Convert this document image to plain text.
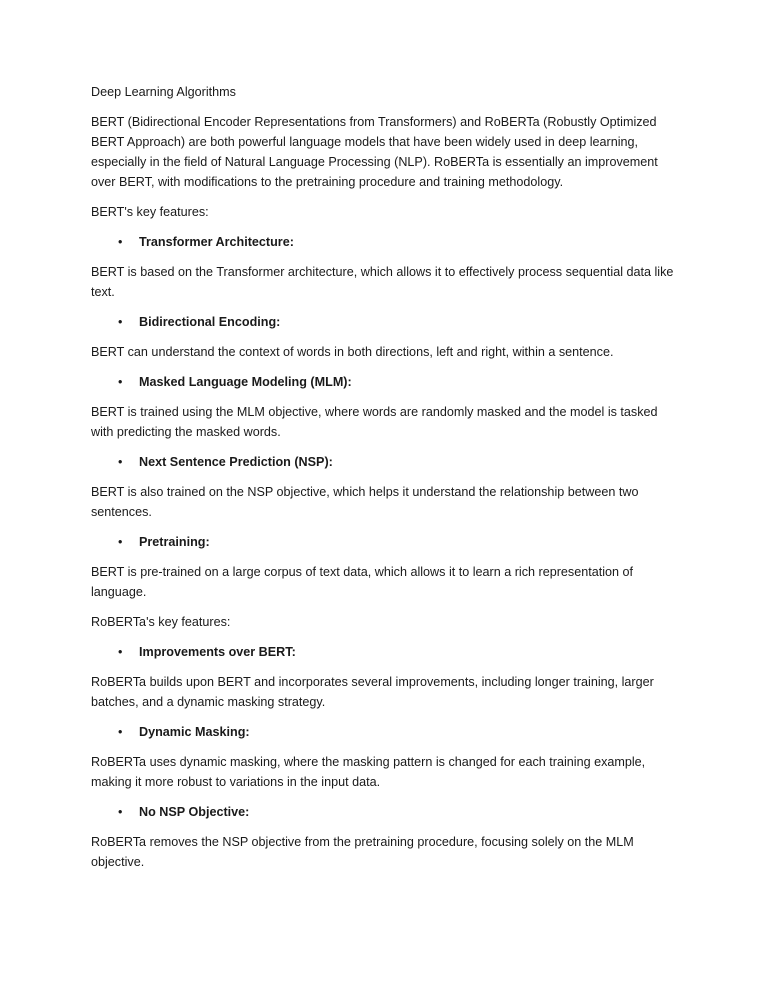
Deep Learning Algorithms

BERT (Bidirectional Encoder Representations from Transformers) and RoBERTa (Robustly Optimized BERT Approach) are both powerful language models that have been widely used in deep learning, especially in the field of Natural Language Processing (NLP). RoBERTa is essentially an improvement over BERT, with modifications to the pretraining procedure and training methodology.

BERT's key features:

•	Transformer Architecture:

BERT is based on the Transformer architecture, which allows it to effectively process sequential data like text.

•	Bidirectional Encoding:

BERT can understand the context of words in both directions, left and right, within a sentence.

•	Masked Language Modeling (MLM):

BERT is trained using the MLM objective, where words are randomly masked and the model is tasked with predicting the masked words.

•	Next Sentence Prediction (NSP):

BERT is also trained on the NSP objective, which helps it understand the relationship between two sentences.

•	Pretraining:

BERT is pre-trained on a large corpus of text data, which allows it to learn a rich representation of language.

RoBERTa's key features:

•	Improvements over BERT:

RoBERTa builds upon BERT and incorporates several improvements, including longer training, larger batches, and a dynamic masking strategy.

•	Dynamic Masking:

RoBERTa uses dynamic masking, where the masking pattern is changed for each training example, making it more robust to variations in the input data.

•	No NSP Objective:

RoBERTa removes the NSP objective from the pretraining procedure, focusing solely on the MLM objective.
